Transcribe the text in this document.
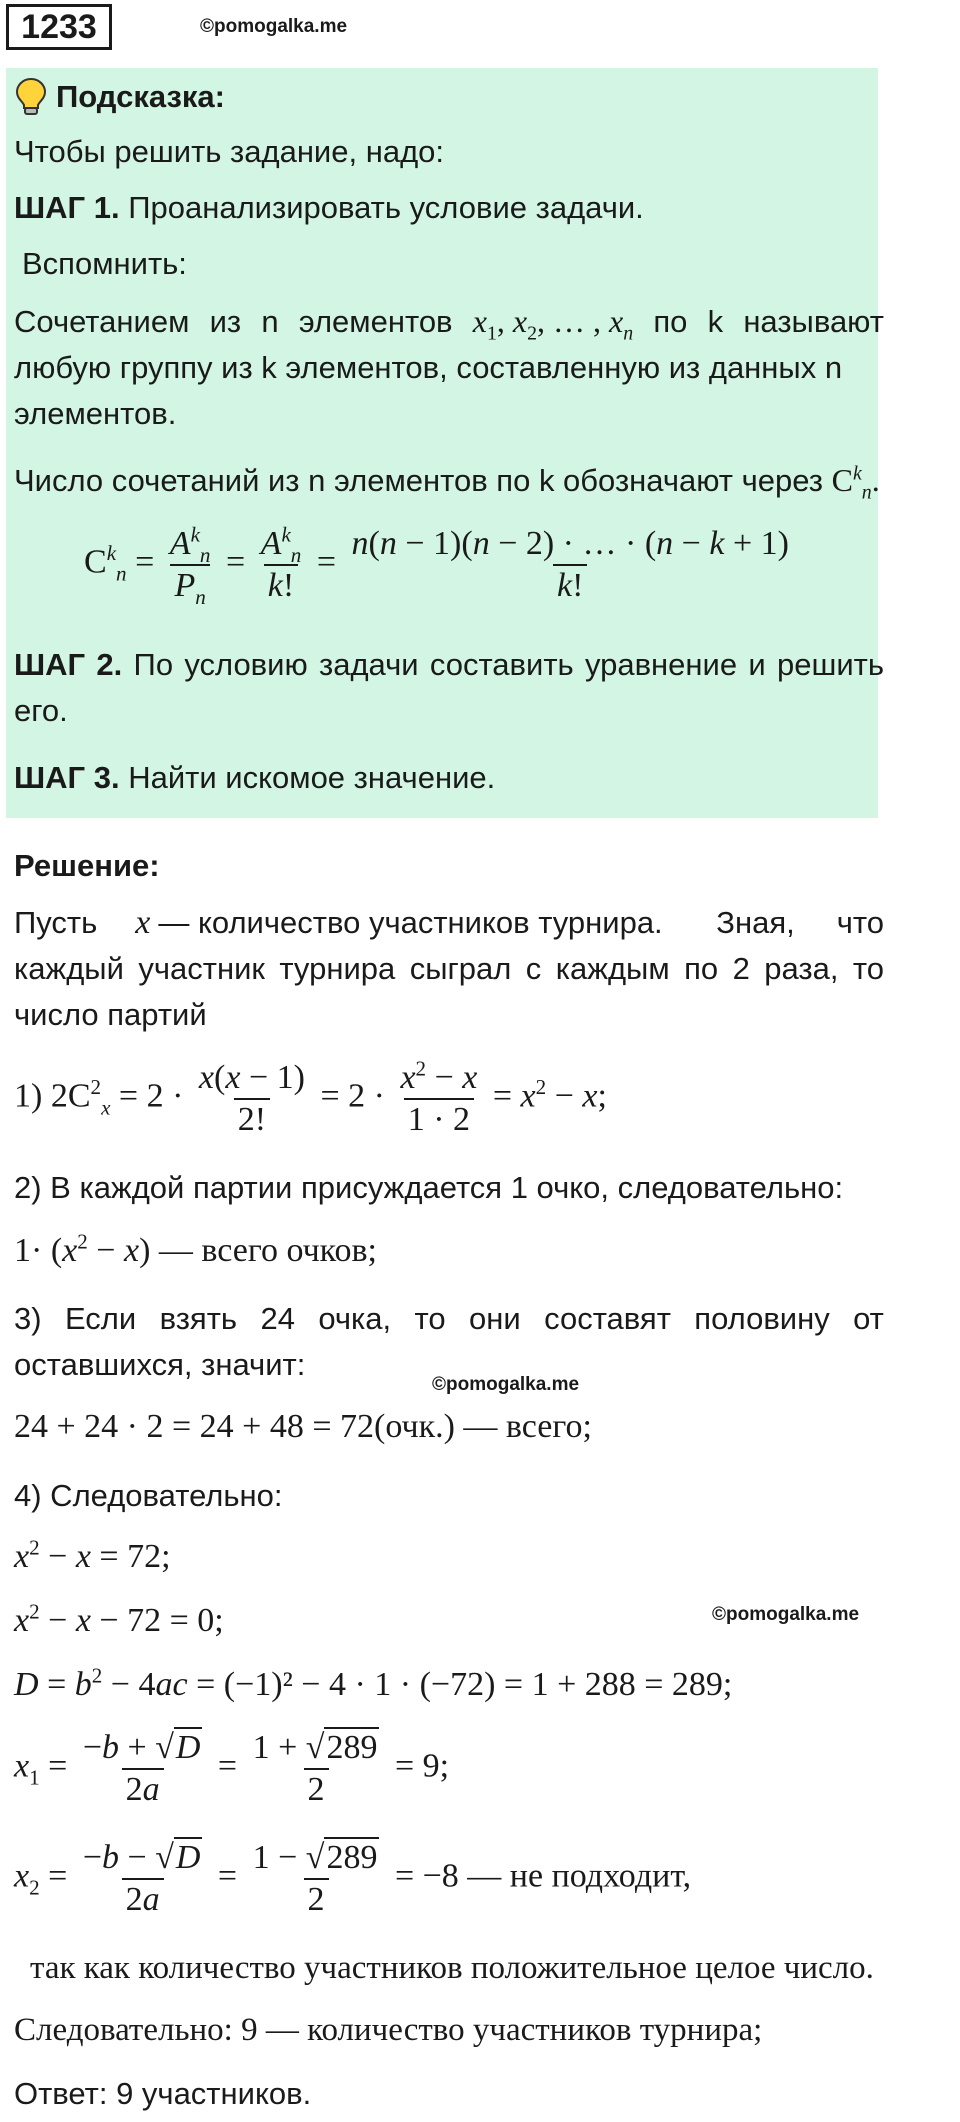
1233	©pomogalka.me
Подсказка:
Чтобы решить задание, надо:
ШАГ 1. Проанализировать условие задачи.
Вспомнить:
Сочетанием из n элементов $x_1$, $x_2$, … , $x_n$ по k называют
любую группу из k элементов, составленную из данных n
элементов.
Число сочетаний из n элементов по k обозначают через $C^k_n$.
$C^k_n = \frac{A^k_n}{P_n} = \frac{A^k_n}{k!} = \frac{n(n - 1)(n - 2) \cdot \dots \cdot (n - k + 1)}{k!}$
ШАГ 2. По условию задачи составить уравнение и решить
его.
ШАГ 3. Найти искомое значение.
Решение:
Пусть x — количество участников турнира. Зная, что
каждый участник турнира сыграл с каждым по 2 раза, то
число партий
1) $2C^2_x = 2 \cdot \frac{x(x - 1)}{2!} = 2 \cdot \frac{x^2 - x}{1 \cdot 2} = x^2 - x$;
2) В каждой партии присуждается 1 очко, следовательно:
$1\cdot (x^2 - x)$ — всего очков;
3) Если взять 24 очка, то они составят половину от
оставшихся, значит:
©pomogalka.me
24 + 24 · 2 = 24 + 48 = 72(очк.) — всего;
4) Следовательно:
$x^2 - x = 72$;
$x^2 - x - 72 = 0$;	©pomogalka.me
$D = b^2 - 4ac = (-1)^2 - 4 \cdot 1 \cdot (-72) = 1 + 288 = 289$;
$x_1 = \frac{-b + √D}{2a} = \frac{1 + √289}{2} = 9$;
$x_2 = \frac{-b - √D}{2a} = \frac{1 - √289}{2} = -8$ — не подходит,
так как количество участников положительное целое число.
Следовательно: 9 — количество участников турнира;
Ответ: 9 участников.
